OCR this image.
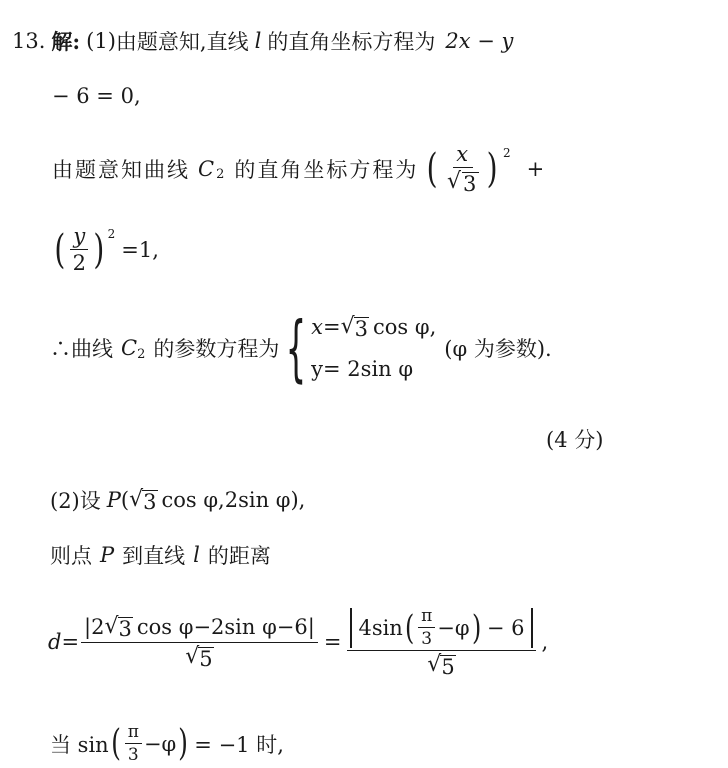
13. 解: (1) 由题意知,直线 l 的直角坐标方程为 2x − y
− 6 = 0,
由题意知曲线 C 2 的直角坐标方程为 ( $\frac{x}{√ 3}$ ) 2
+
( $\frac{y}{2}$ ) 2
=1,
∴曲线 C 2 的参数方程为 { x= √ 3 cos φ,
y= 2sin φ
(φ 为参数).
(4 分)
(2)设 P ( √ 3 cos φ,2sin φ),
则点 P 到直线 l 的距离
$d= \frac{\text{|2 √ 3 cos φ−2sin φ−6|}}{√ 5}$ =
4sin ( $\frac{\pi}{3} -\varphi$ ) − 6
√ 5
,
当 sin ( $\frac{\pi}{3} -\varphi$ ) = −1 时,
